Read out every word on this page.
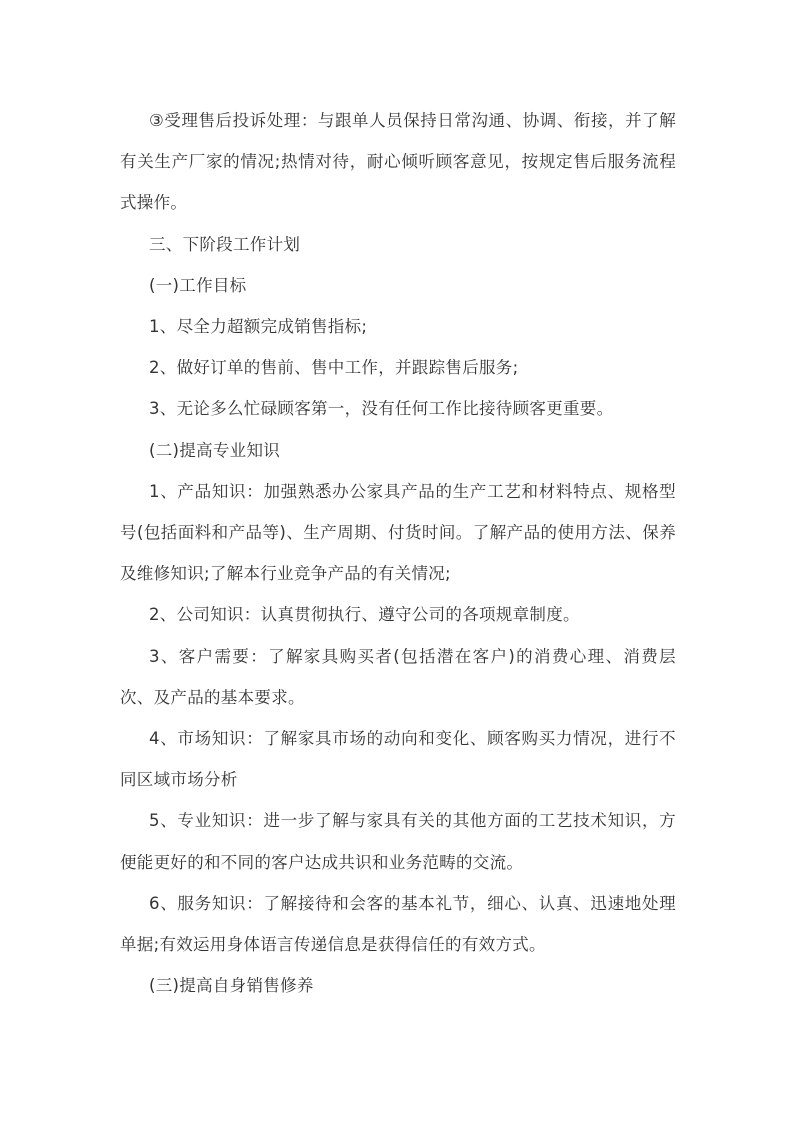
③受理售后投诉处理：与跟单人员保持日常沟通、协调、衔接，并了解有关生产厂家的情况;热情对待，耐心倾听顾客意见，按规定售后服务流程式操作。

三、下阶段工作计划

(一)工作目标

1、尽全力超额完成销售指标;

2、做好订单的售前、售中工作，并跟踪售后服务;

3、无论多么忙碌顾客第一，没有任何工作比接待顾客更重要。

(二)提高专业知识

1、产品知识：加强熟悉办公家具产品的生产工艺和材料特点、规格型号(包括面料和产品等)、生产周期、付货时间。了解产品的使用方法、保养及维修知识;了解本行业竞争产品的有关情况;

2、公司知识：认真贯彻执行、遵守公司的各项规章制度。

3、客户需要：了解家具购买者(包括潜在客户)的消费心理、消费层次、及产品的基本要求。

4、市场知识：了解家具市场的动向和变化、顾客购买力情况，进行不同区域市场分析

5、专业知识：进一步了解与家具有关的其他方面的工艺技术知识，方便能更好的和不同的客户达成共识和业务范畴的交流。

6、服务知识：了解接待和会客的基本礼节，细心、认真、迅速地处理单据;有效运用身体语言传递信息是获得信任的有效方式。

(三)提高自身销售修养
